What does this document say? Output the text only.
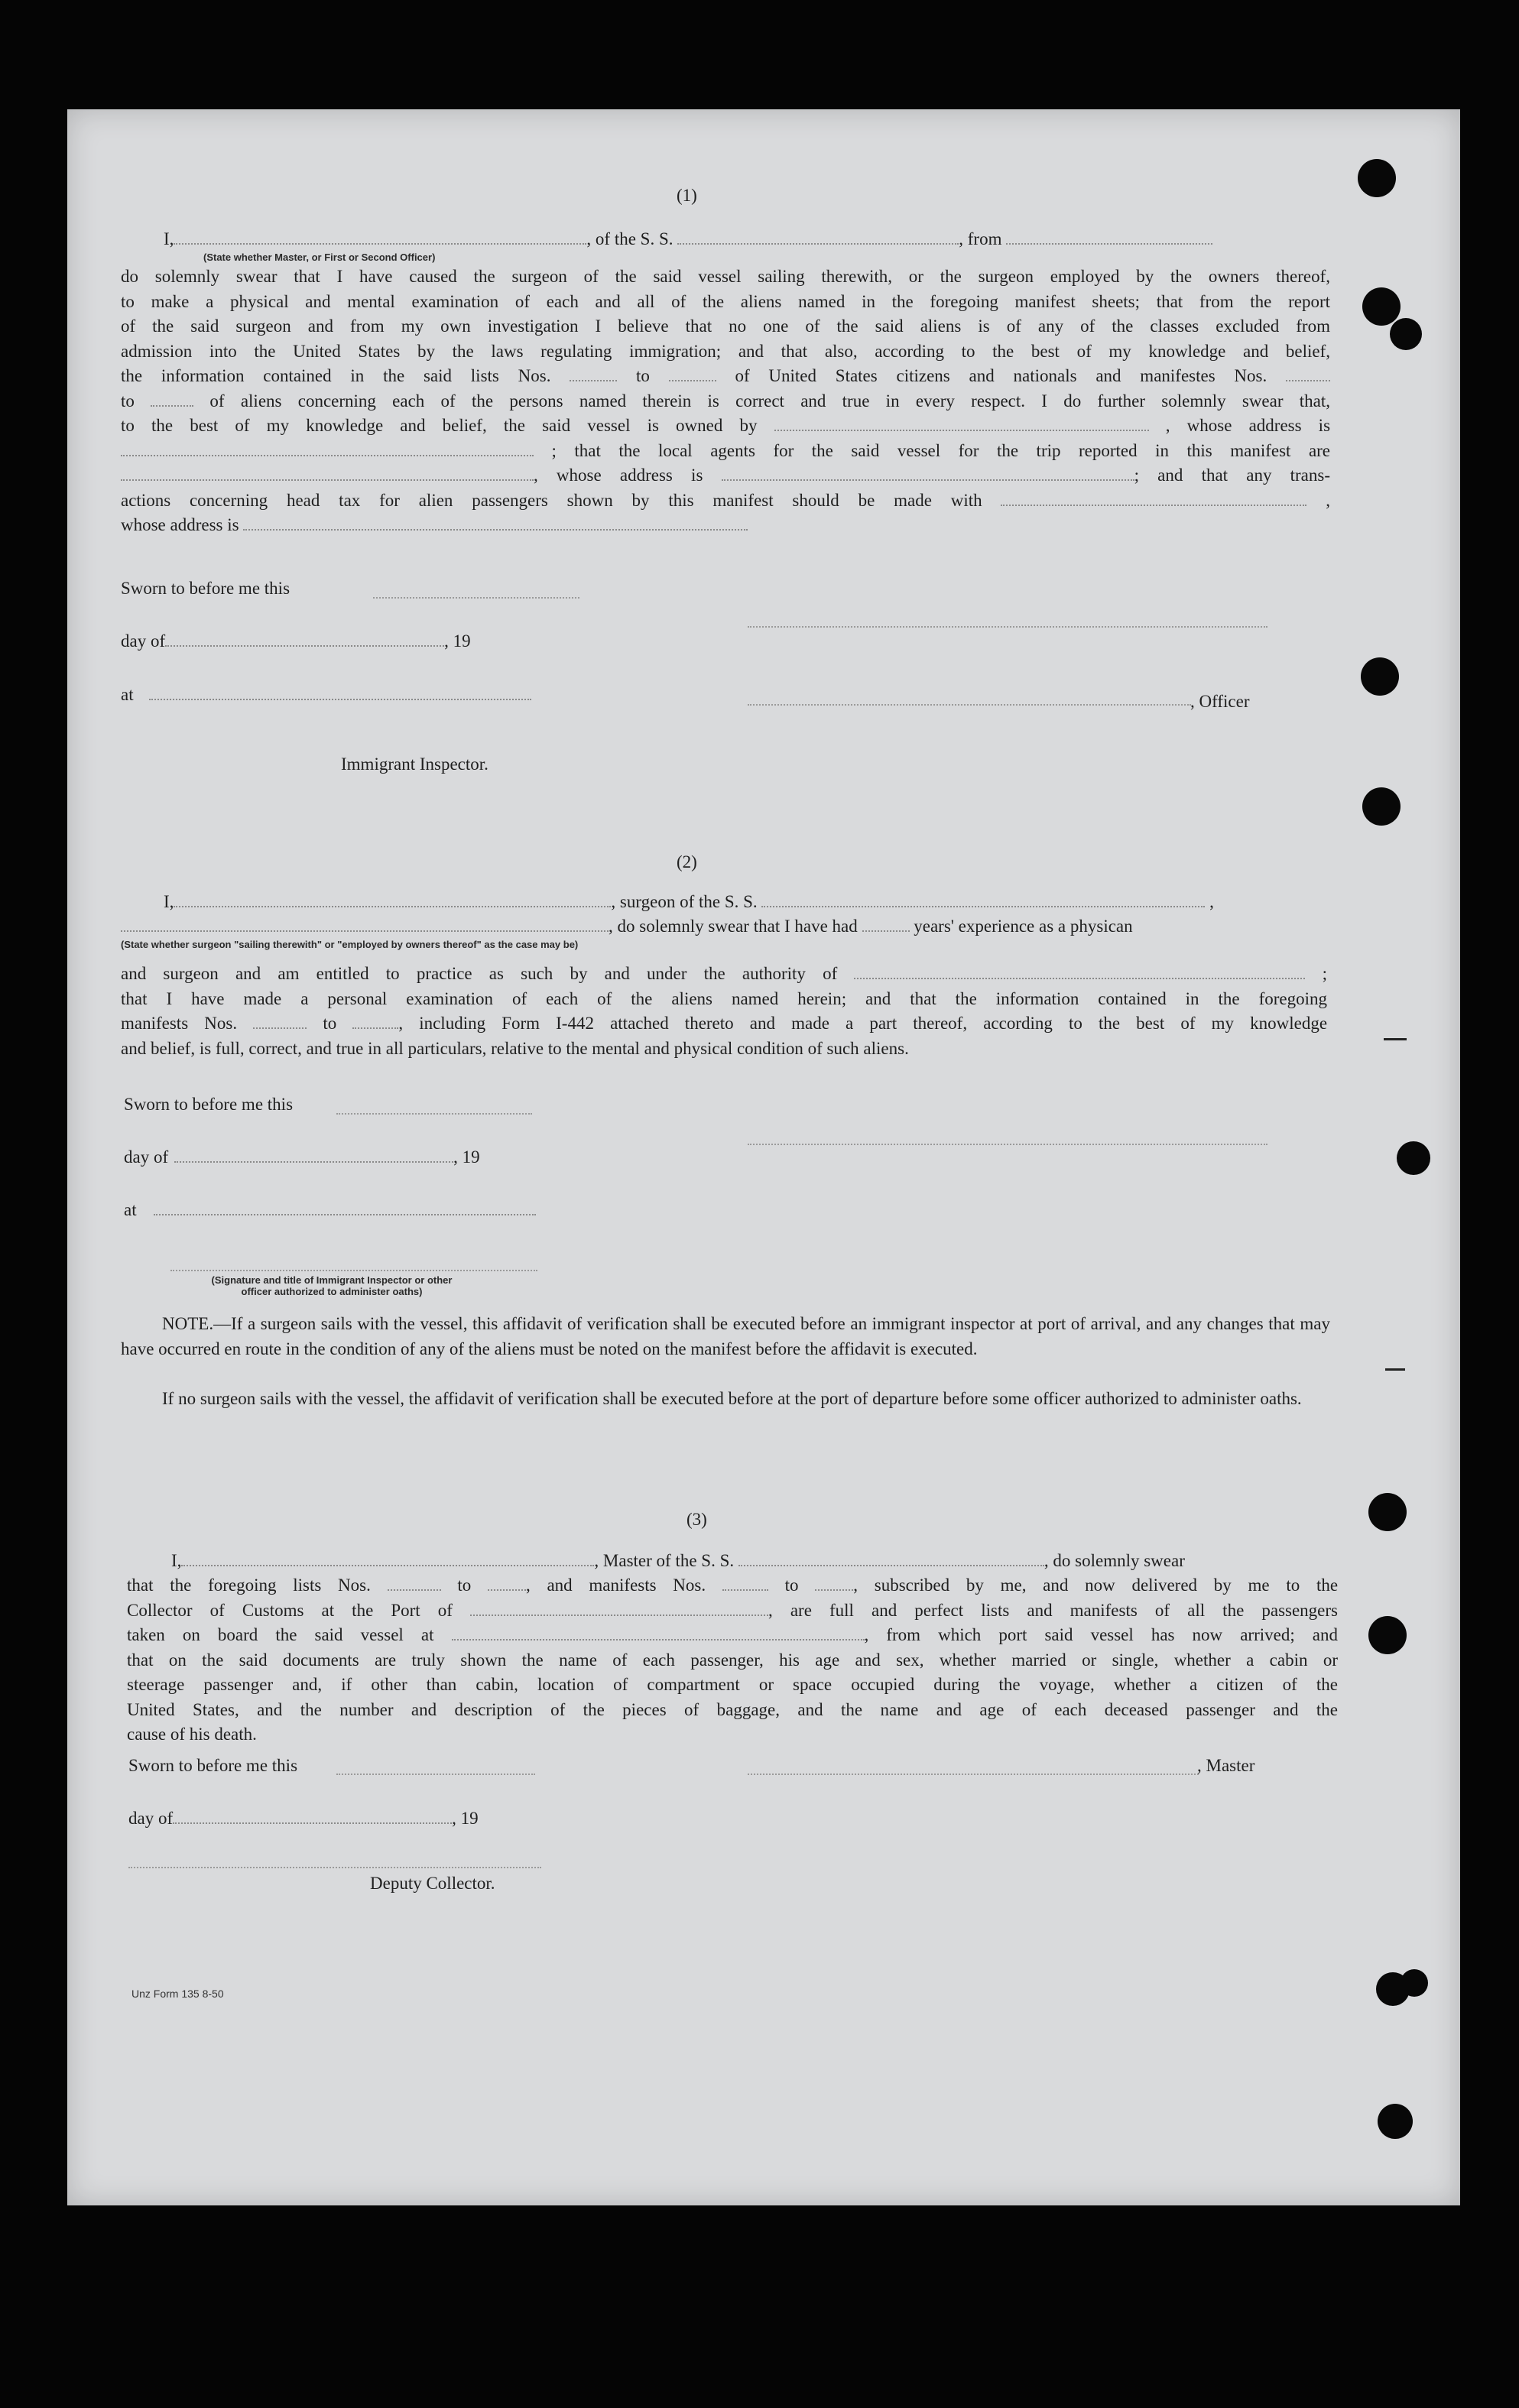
(1)
I,	, of the S. S.	, from
(State whether Master, or First or Second Officer)
do solemnly swear that I have caused the surgeon of the said vessel sailing therewith, or the surgeon employed by the owners thereof,
to make a physical and mental examination of each and all of the aliens named in the foregoing manifest sheets; that from the report
of the said surgeon and from my own investigation I believe that no one of the said aliens is of any of the classes excluded from
admission into the United States by the laws regulating immigration; and that also, according to the best of my knowledge and belief,
the information contained in the said lists Nos.	to	of United States citizens and nationals and manifestes Nos.
to	of aliens concerning each of the persons named therein is correct and true in every respect. I do further solemnly swear that,
to the best of my knowledge and belief, the said vessel is owned by	, whose address is
; that the local agents for the said vessel for the trip reported in this manifest are
, whose address is	; and that any trans-
actions concerning head tax for alien passengers shown by this manifest should be made with	,
whose address is
Sworn to before me this
day of	, 19
at	, Officer
Immigrant Inspector.
(2)
I,	, surgeon of the S. S.	,
, do solemnly swear that I have had	years' experience as a physican
(State whether surgeon "sailing therewith" or "employed by owners thereof" as the case may be)
and surgeon and am entitled to practice as such by and under the authority of	;
that I have made a personal examination of each of the aliens named herein; and that the information contained in the foregoing
manifests Nos.	to	, including Form I-442 attached thereto and made a part thereof, according to the best of my knowledge
and belief, is full, correct, and true in all particulars, relative to the mental and physical condition of such aliens.
Sworn to before me this
day of	, 19
at
(Signature and title of Immigrant Inspector or other
officer authorized to administer oaths)
NOTE.—If a surgeon sails with the vessel, this affidavit of verification shall be executed before an immigrant inspector at port of arrival, and any changes that may have occurred en route in the condition of any of the aliens must be noted on the manifest before the affidavit is executed.
If no surgeon sails with the vessel, the affidavit of verification shall be executed before at the port of departure before some officer authorized to administer oaths.
(3)
I,	, Master of the S. S.	, do solemnly swear
that the foregoing lists Nos.	to	, and manifests Nos.	to	, subscribed by me, and now delivered by me to the
Collector of Customs at the Port of	, are full and perfect lists and manifests of all the passengers
taken on board the said vessel at	, from which port said vessel has now arrived; and
that on the said documents are truly shown the name of each passenger, his age and sex, whether married or single, whether a cabin or
steerage passenger and, if other than cabin, location of compartment or space occupied during the voyage, whether a citizen of the
United States, and the number and description of the pieces of baggage, and the name and age of each deceased passenger and the
cause of his death.
Sworn to before me this	, Master
day of	, 19
Deputy Collector.
Unz Form 135 8-50
